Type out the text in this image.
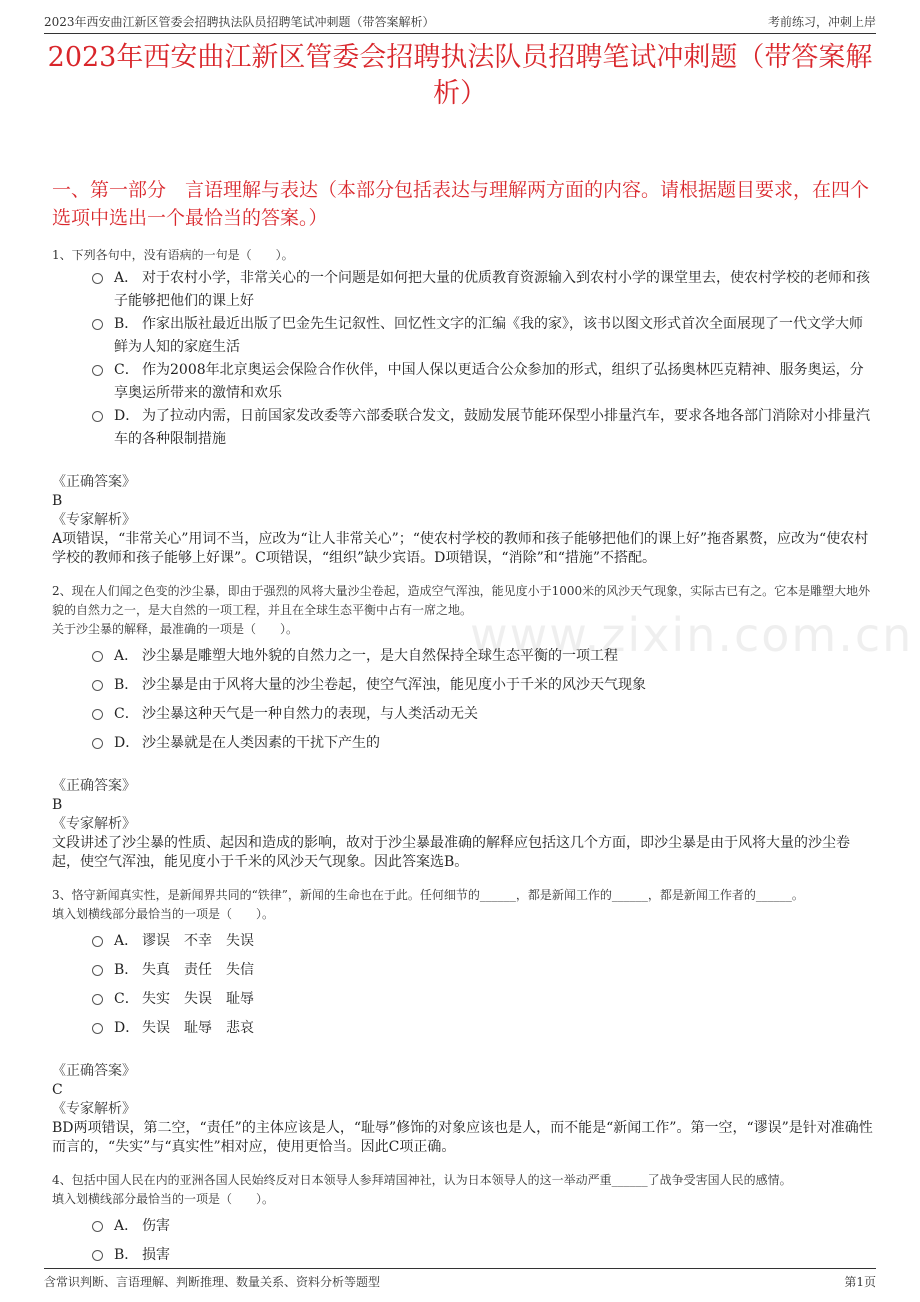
2023年西安曲江新区管委会招聘执法队员招聘笔试冲刺题（带答案解析）	考前练习，冲刺上岸
2023年西安曲江新区管委会招聘执法队员招聘笔试冲刺题（带答案解析）
一、第一部分　言语理解与表达（本部分包括表达与理解两方面的内容。请根据题目要求，在四个选项中选出一个最恰当的答案。）
www.zixin.com.cn

1、下列各句中，没有语病的一句是（　　）。

A． 对于农村小学，非常关心的一个问题是如何把大量的优质教育资源输入到农村小学的课堂里去，使农村学校的老师和孩子能够把他们的课上好
B． 作家出版社最近出版了巴金先生记叙性、回忆性文字的汇编《我的家》，该书以图文形式首次全面展现了一代文学大师鲜为人知的家庭生活
C． 作为2008年北京奥运会保险合作伙伴，中国人保以更适合公众参加的形式，组织了弘扬奥林匹克精神、服务奥运，分享奥运所带来的激情和欢乐
D． 为了拉动内需，日前国家发改委等六部委联合发文，鼓励发展节能环保型小排量汽车，要求各地各部门消除对小排量汽车的各种限制措施
《正确答案》
B
《专家解析》
A项错误，“非常关心”用词不当，应改为“让人非常关心”；“使农村学校的教师和孩子能够把他们的课上好”拖沓累赘，应改为“使农村学校的教师和孩子能够上好课”。C项错误，“组织”缺少宾语。D项错误，“消除”和“措施”不搭配。

2、现在人们闻之色变的沙尘暴，即由于强烈的风将大量沙尘卷起，造成空气浑浊，能见度小于1000米的风沙天气现象，实际古已有之。它本是雕塑大地外貌的自然力之一，是大自然的一项工程，并且在全球生态平衡中占有一席之地。

关于沙尘暴的解释，最准确的一项是（　　）。

A． 沙尘暴是雕塑大地外貌的自然力之一，是大自然保持全球生态平衡的一项工程
B． 沙尘暴是由于风将大量的沙尘卷起，使空气浑浊，能见度小于千米的风沙天气现象
C． 沙尘暴这种天气是一种自然力的表现，与人类活动无关
D． 沙尘暴就是在人类因素的干扰下产生的
《正确答案》
B
《专家解析》
文段讲述了沙尘暴的性质、起因和造成的影响，故对于沙尘暴最准确的解释应包括这几个方面，即沙尘暴是由于风将大量的沙尘卷起，使空气浑浊，能见度小于千米的风沙天气现象。因此答案选B。

3、恪守新闻真实性，是新闻界共同的“铁律”，新闻的生命也在于此。任何细节的______，都是新闻工作的______，都是新闻工作者的______。

填入划横线部分最恰当的一项是（　　）。

A． 谬误　不幸　失误
B． 失真　责任　失信
C． 失实　失误　耻辱
D． 失误　耻辱　悲哀
《正确答案》
C
《专家解析》
BD两项错误，第二空，“责任”的主体应该是人，“耻辱”修饰的对象应该也是人，而不能是“新闻工作”。第一空，“谬误”是针对准确性而言的，“失实”与“真实性”相对应，使用更恰当。因此C项正确。

4、包括中国人民在内的亚洲各国人民始终反对日本领导人参拜靖国神社，认为日本领导人的这一举动严重______了战争受害国人民的感情。

填入划横线部分最恰当的一项是（　　）。

A． 伤害
B． 损害
含常识判断、言语理解、判断推理、数量关系、资料分析等题型	第1页
